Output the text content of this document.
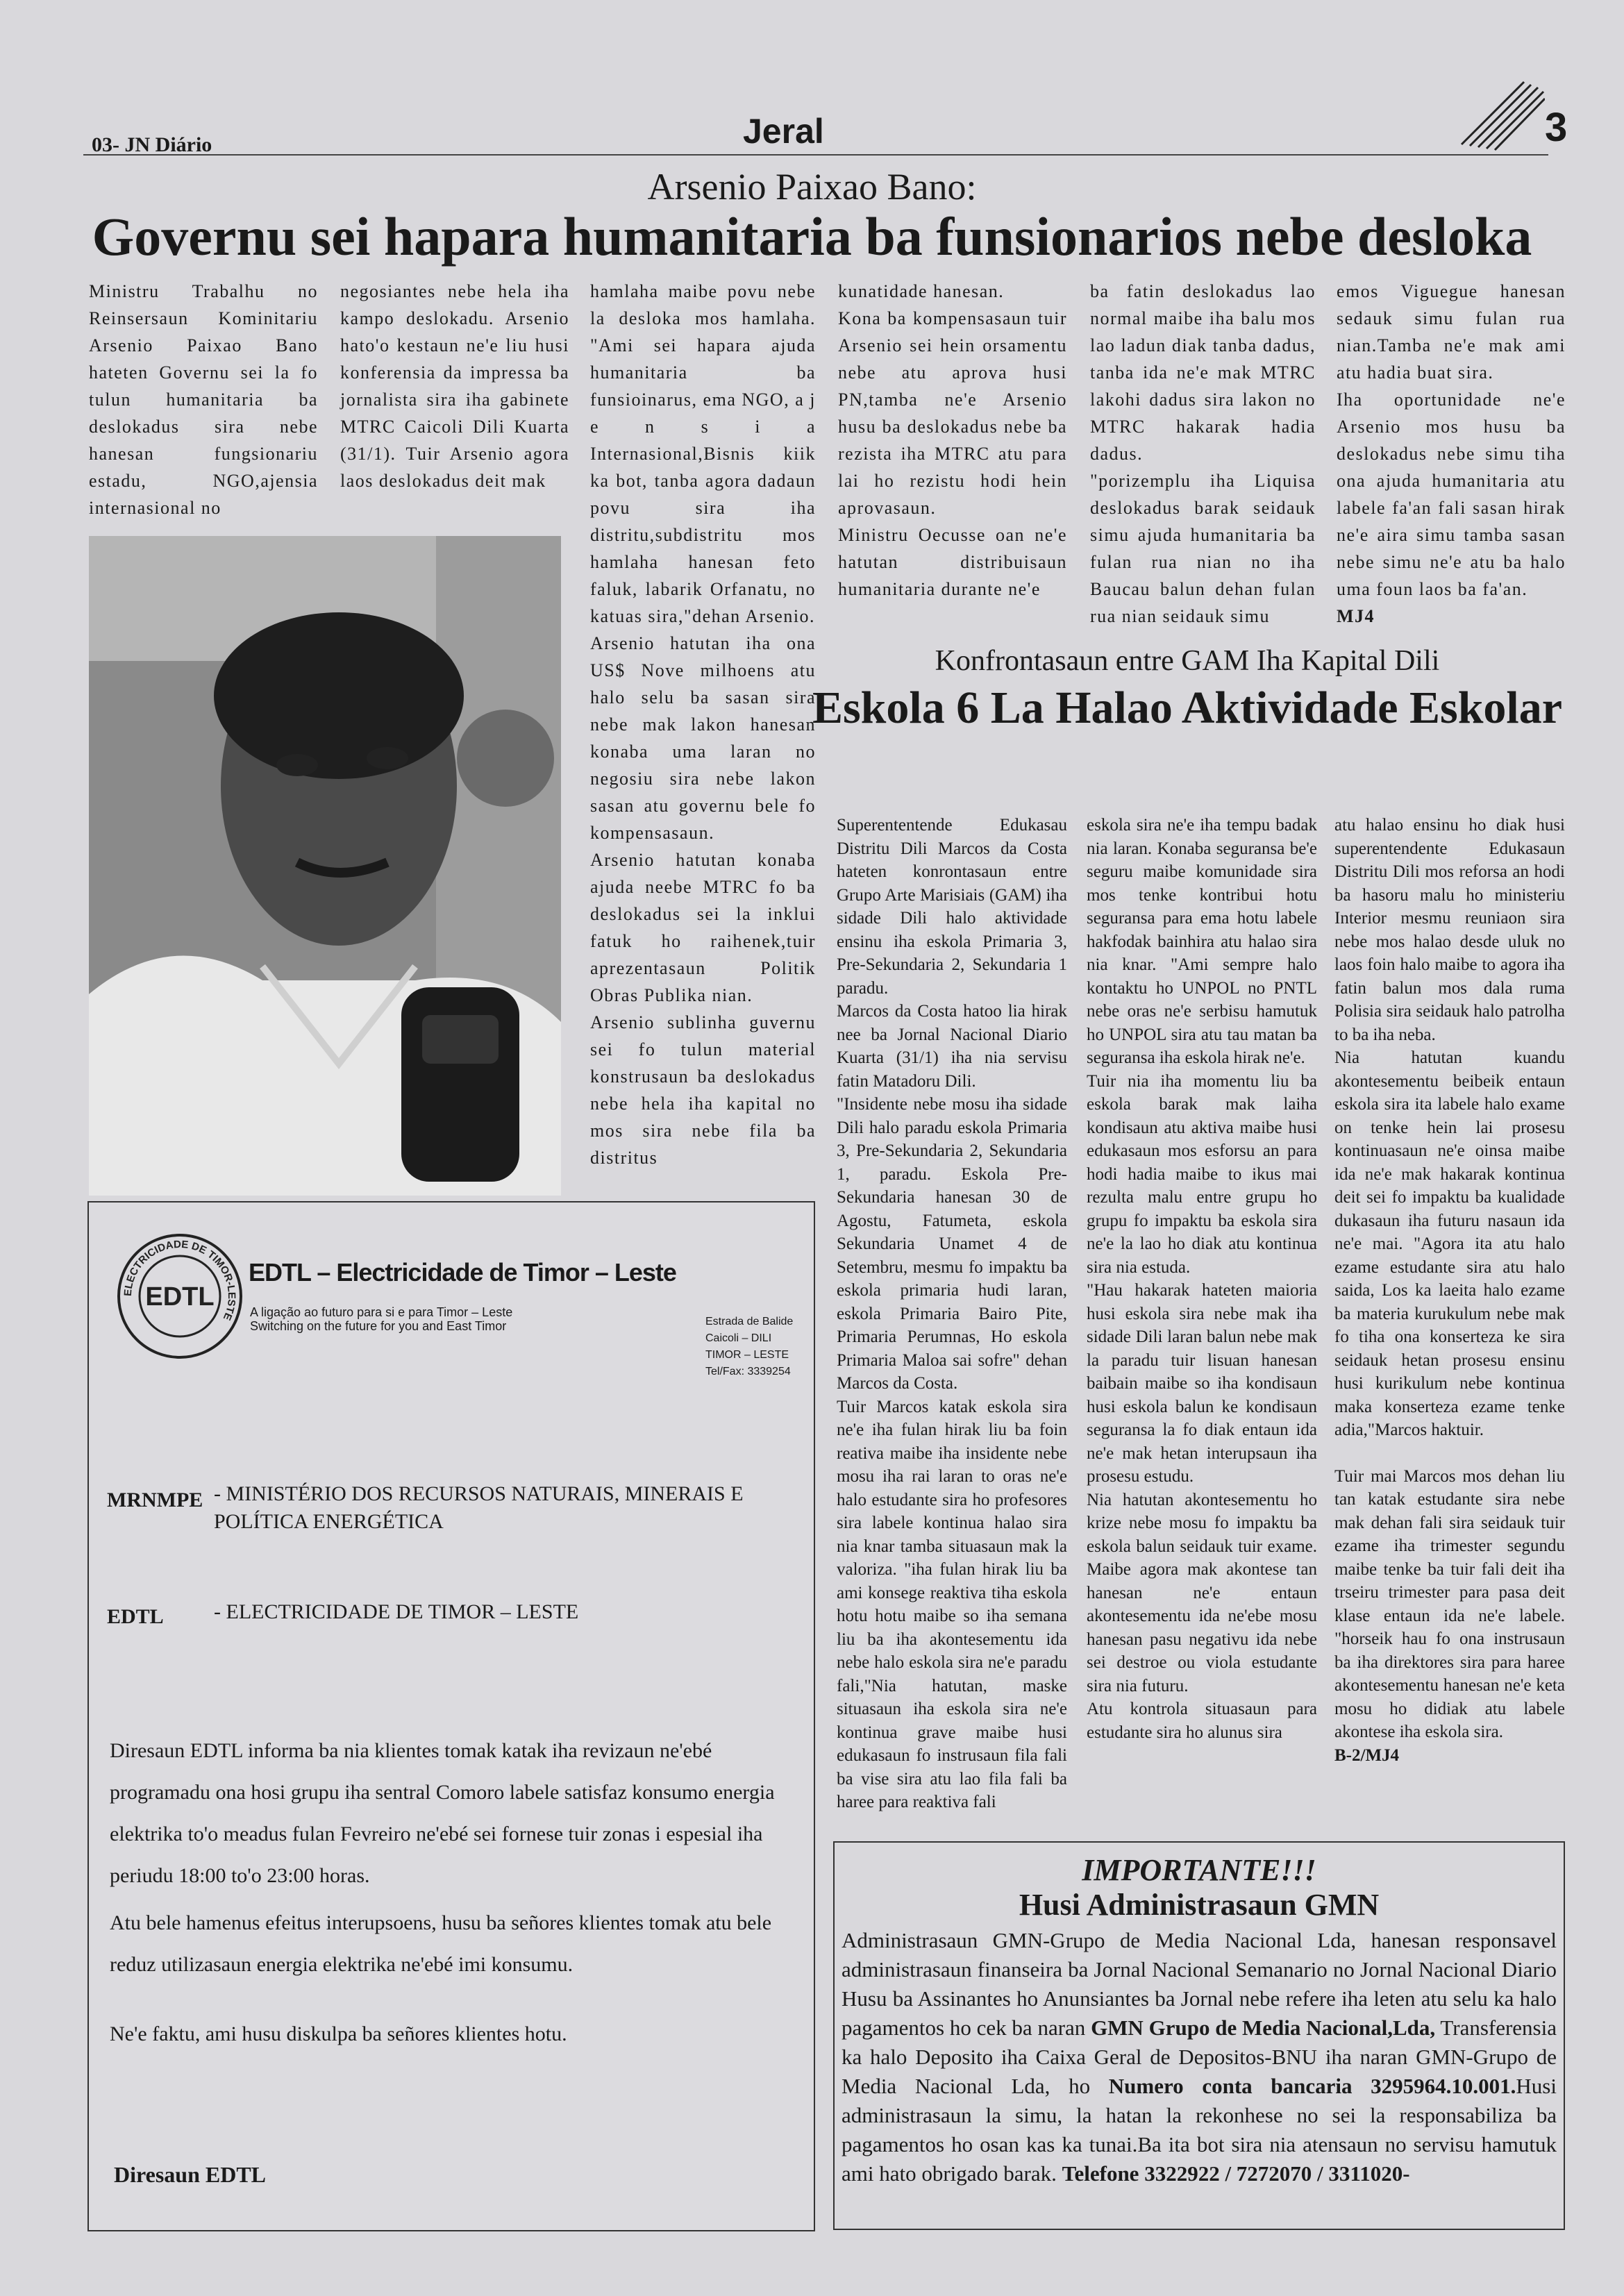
03- JN Diário	Jeral	3
Arsenio Paixao Bano:
Governu sei hapara humanitaria ba funsionarios nebe desloka

Ministru Trabalhu no Reinsersaun Kominitariu Arsenio Paixao Bano hateten Governu sei la fo tulun humanitaria ba deslokadus sira nebe hanesan fungsionariu estadu, NGO,ajensia internasional no

negosiantes nebe hela iha kampo deslokadu. Arsenio hato'o kestaun ne'e liu husi konferensia da impressa ba jornalista sira iha gabinete MTRC Caicoli Dili Kuarta (31/1). Tuir Arsenio agora laos deslokadus deit mak

hamlaha maibe povu nebe la desloka mos hamlaha. "Ami sei hapara ajuda humanitaria ba funsioinarus, ema NGO, a j e n s i a Internasional,Bisnis kiik ka bot, tanba agora dadaun povu sira iha distritu,subdistritu mos hamlaha hanesan feto faluk, labarik Orfanatu, no katuas sira,"dehan Arsenio.

Arsenio hatutan iha ona US$ Nove milhoens atu halo selu ba sasan sira nebe mak lakon hanesan konaba uma laran no negosiu sira nebe lakon sasan atu governu bele fo kompensasaun.

Arsenio hatutan konaba ajuda neebe MTRC fo ba deslokadus sei la inklui fatuk ho raihenek,tuir aprezentasaun Politik Obras Publika nian.

Arsenio sublinha guvernu sei fo tulun material konstrusaun ba deslokadus nebe hela iha kapital no mos sira nebe fila ba distritus

kunatidade hanesan.

Kona ba kompensasaun tuir Arsenio sei hein orsamentu nebe atu aprova husi PN,tamba ne'e Arsenio husu ba deslokadus nebe ba rezista iha MTRC atu para lai ho rezistu hodi hein aprovasaun.

Ministru Oecusse oan ne'e hatutan distribuisaun humanitaria durante ne'e

ba fatin deslokadus lao normal maibe iha balu mos lao ladun diak tanba dadus, tanba ida ne'e mak MTRC lakohi dadus sira lakon no MTRC hakarak hadia dadus.

"porizemplu iha Liquisa deslokadus barak seidauk simu ajuda humanitaria ba fulan rua nian no iha Baucau balun dehan fulan rua nian seidauk simu

emos Viguegue hanesan sedauk simu fulan rua nian.Tamba ne'e mak ami atu hadia buat sira.

Iha oportunidade ne'e Arsenio mos husu ba deslokadus nebe simu tiha ona ajuda humanitaria atu labele fa'an fali sasan hirak ne'e aira simu tamba sasan nebe simu ne'e atu ba halo uma foun laos ba fa'an.

MJ4

Konfrontasaun entre GAM Iha Kapital Dili
Eskola 6 La Halao Aktividade Eskolar

Superententende Edukasau Distritu Dili Marcos da Costa hateten konrontasaun entre Grupo Arte Marisiais (GAM) iha sidade Dili halo aktividade ensinu iha eskola Primaria 3, Pre-Sekundaria 2, Sekundaria 1 paradu.

Marcos da Costa hatoo lia hirak nee ba Jornal Nacional Diario Kuarta (31/1) iha nia servisu fatin Matadoru Dili.

"Insidente nebe mosu iha sidade Dili halo paradu eskola Primaria 3, Pre-Sekundaria 2, Sekundaria 1, paradu. Eskola Pre-Sekundaria hanesan 30 de Agostu, Fatumeta, eskola Sekundaria Unamet 4 de Setembru, mesmu fo impaktu ba eskola primaria hudi laran, eskola Primaria Bairo Pite, Primaria Perumnas, Ho eskola Primaria Maloa sai sofre" dehan Marcos da Costa.

Tuir Marcos katak eskola sira ne'e iha fulan hirak liu ba foin reativa maibe iha insidente nebe mosu iha rai laran to oras ne'e halo estudante sira ho profesores sira labele kontinua halao sira nia knar tamba situasaun mak la valoriza. "iha fulan hirak liu ba ami konsege reaktiva tiha eskola hotu hotu maibe so iha semana liu ba iha akontesementu ida nebe halo eskola sira ne'e paradu fali,"Nia hatutan, maske situasaun iha eskola sira ne'e kontinua grave maibe husi edukasaun fo instrusaun fila fali ba vise sira atu lao fila fali ba haree para reaktiva fali

eskola sira ne'e iha tempu badak nia laran. Konaba seguransa be'e seguru maibe komunidade sira mos tenke kontribui hotu seguransa para ema hotu labele hakfodak bainhira atu halao sira nia knar. "Ami sempre halo kontaktu ho UNPOL no PNTL nebe oras ne'e serbisu hamutuk ho UNPOL sira atu tau matan ba seguransa iha eskola hirak ne'e.

Tuir nia iha momentu liu ba eskola barak mak laiha kondisaun atu aktiva maibe husi edukasaun mos esforsu an para hodi hadia maibe to ikus mai rezulta malu entre grupu ho grupu fo impaktu ba eskola sira ne'e la lao ho diak atu kontinua sira nia estuda.

"Hau hakarak hateten maioria husi eskola sira nebe mak iha sidade Dili laran balun nebe mak la paradu tuir lisuan hanesan baibain maibe so iha kondisaun husi eskola balun ke kondisaun seguransa la fo diak entaun ida ne'e mak hetan interupsaun iha prosesu estudu.

Nia hatutan akontesementu ho krize nebe mosu fo impaktu ba eskola balun seidauk tuir exame. Maibe agora mak akontese tan hanesan ne'e entaun akontesementu ida ne'ebe mosu hanesan pasu negativu ida nebe sei destroe ou viola estudante sira nia futuru.

Atu kontrola situasaun para estudante sira ho alunus sira

atu halao ensinu ho diak husi superentendente Edukasaun Distritu Dili mos reforsa an hodi ba hasoru malu ho ministeriu Interior mesmu reuniaon sira nebe mos halao desde uluk no laos foin halo maibe to agora iha fatin balun mos dala ruma Polisia sira seidauk halo patrolha to ba iha neba.

Nia hatutan kuandu akontesementu beibeik entaun eskola sira ita labele halo exame on tenke hein lai prosesu kontinuasaun ne'e oinsa maibe ida ne'e mak hakarak kontinua deit sei fo impaktu ba kualidade dukasaun iha futuru nasaun ida ne'e mai. "Agora ita atu halo ezame estudante sira atu halo saida, Los ka laeita halo ezame ba materia kurukulum nebe mak fo tiha ona konserteza ke sira seidauk hetan prosesu ensinu husi kurikulum nebe kontinua maka konserteza ezame tenke adia,"Marcos haktuir.

Tuir mai Marcos mos dehan liu tan katak estudante sira nebe mak dehan fali sira seidauk tuir ezame iha trimester segundu maibe tenke ba tuir fali deit iha trseiru trimester para pasa deit klase entaun ida ne'e labele. "horseik hau fo ona instrusaun ba iha direktores sira para haree akontesementu hanesan ne'e keta mosu ho didiak atu labele akontese iha eskola sira.

B-2/MJ4

ELECTRICIDADE DE TIMOR-LESTE
EDTL
EDTL – Electricidade de Timor – Leste
A ligação ao futuro para si e para Timor – Leste
Switching on the future for you and East Timor	Estrada de Balide
Caicoli – DILI
TIMOR – LESTE
Tel/Fax: 3339254
MRNMPE - MINISTÉRIO DOS RECURSOS NATURAIS, MINERAIS E POLÍTICA ENERGÉTICA
EDTL - ELECTRICIDADE DE TIMOR – LESTE

Diresaun EDTL informa ba nia klientes tomak katak iha revizaun ne'ebé programadu ona hosi grupu iha sentral Comoro labele satisfaz konsumo energia elektrika to'o meadus fulan Fevreiro ne'ebé sei fornese tuir zonas i espesial iha periudu 18:00 to'o 23:00 horas.

Atu bele hamenus efeitus interupsoens, husu ba señores klientes tomak atu bele reduz utilizasaun energia elektrika ne'ebé imi konsumu.

Ne'e faktu, ami husu diskulpa ba señores klientes hotu.

Diresaun EDTL
IMPORTANTE!!!
Husi Administrasaun GMN
Administrasaun GMN-Grupo de Media Nacional Lda, hanesan responsavel administrasaun finanseira ba Jornal Nacional Semanario no Jornal Nacional Diario Husu ba Assinantes ho Anunsiantes ba Jornal nebe refere iha leten atu selu ka halo pagamentos ho cek ba naran GMN Grupo de Media Nacional,Lda, Transferensia ka halo Deposito iha Caixa Geral de Depositos-BNU iha naran GMN-Grupo de Media Nacional Lda, ho Numero conta bancaria 3295964.10.001.Husi administrasaun la simu, la hatan la rekonhese no sei la responsabiliza ba pagamentos ho osan kas ka tunai.Ba ita bot sira nia atensaun no servisu hamutuk ami hato obrigado barak. Telefone 3322922 / 7272070 / 3311020-
